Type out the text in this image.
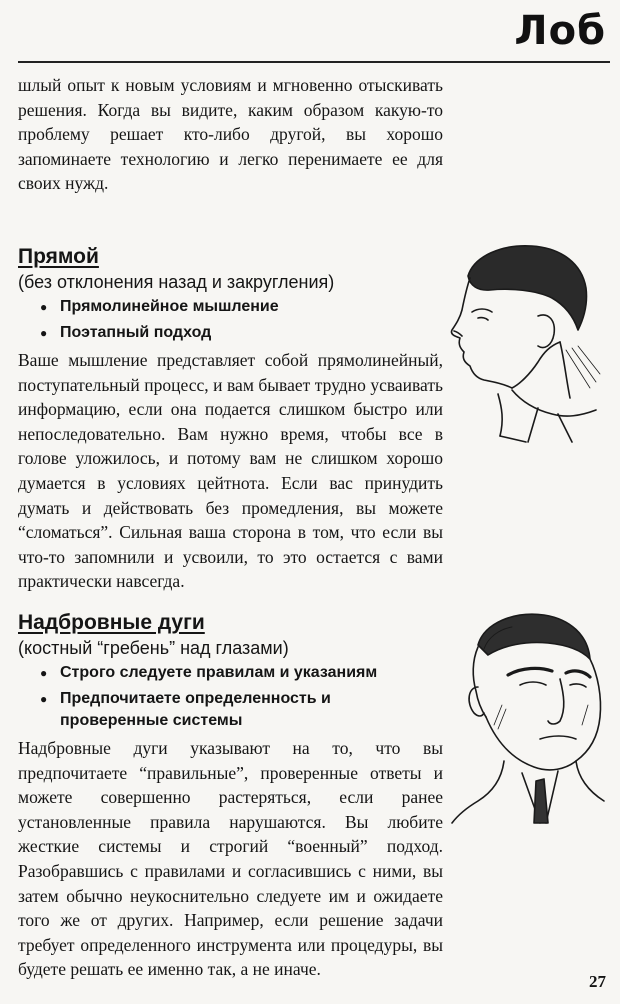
Лоб

шлый опыт к новым условиям и мгновенно отыскивать решения. Когда вы видите, каким образом какую-то проблему решает кто-либо другой, вы хорошо запоминаете технологию и легко перенимаете ее для своих нужд.

Прямой
(без отклонения назад и закругления)
● Прямолинейное мышление
● Поэтапный подход

Ваше мышление представляет собой прямолинейный, поступательный процесс, и вам бывает трудно усваивать информацию, если она подается слишком быстро или непоследовательно. Вам нужно время, чтобы все в голове уложилось, и потому вам не слишком хорошо думается в условиях цейтнота. Если вас принудить думать и действовать без промедления, вы можете “сломаться”. Сильная ваша сторона в том, что если вы что-то запомнили и усвоили, то это остается с вами практически навсегда.

Надбровные дуги
(костный “гребень” над глазами)
● Строго следуете правилам и указаниям
● Предпочитаете определенность и проверенные системы

Надбровные дуги указывают на то, что вы предпочитаете “правильные”, проверенные ответы и можете совершенно растеряться, если ранее установленные правила нарушаются. Вы любите жесткие системы и строгий “военный” подход. Разобравшись с правилами и согласившись с ними, вы затем обычно неукоснительно следуете им и ожидаете того же от других. Например, если решение задачи требует определенного инструмента или процедуры, вы будете решать ее именно так, а не иначе.

27
